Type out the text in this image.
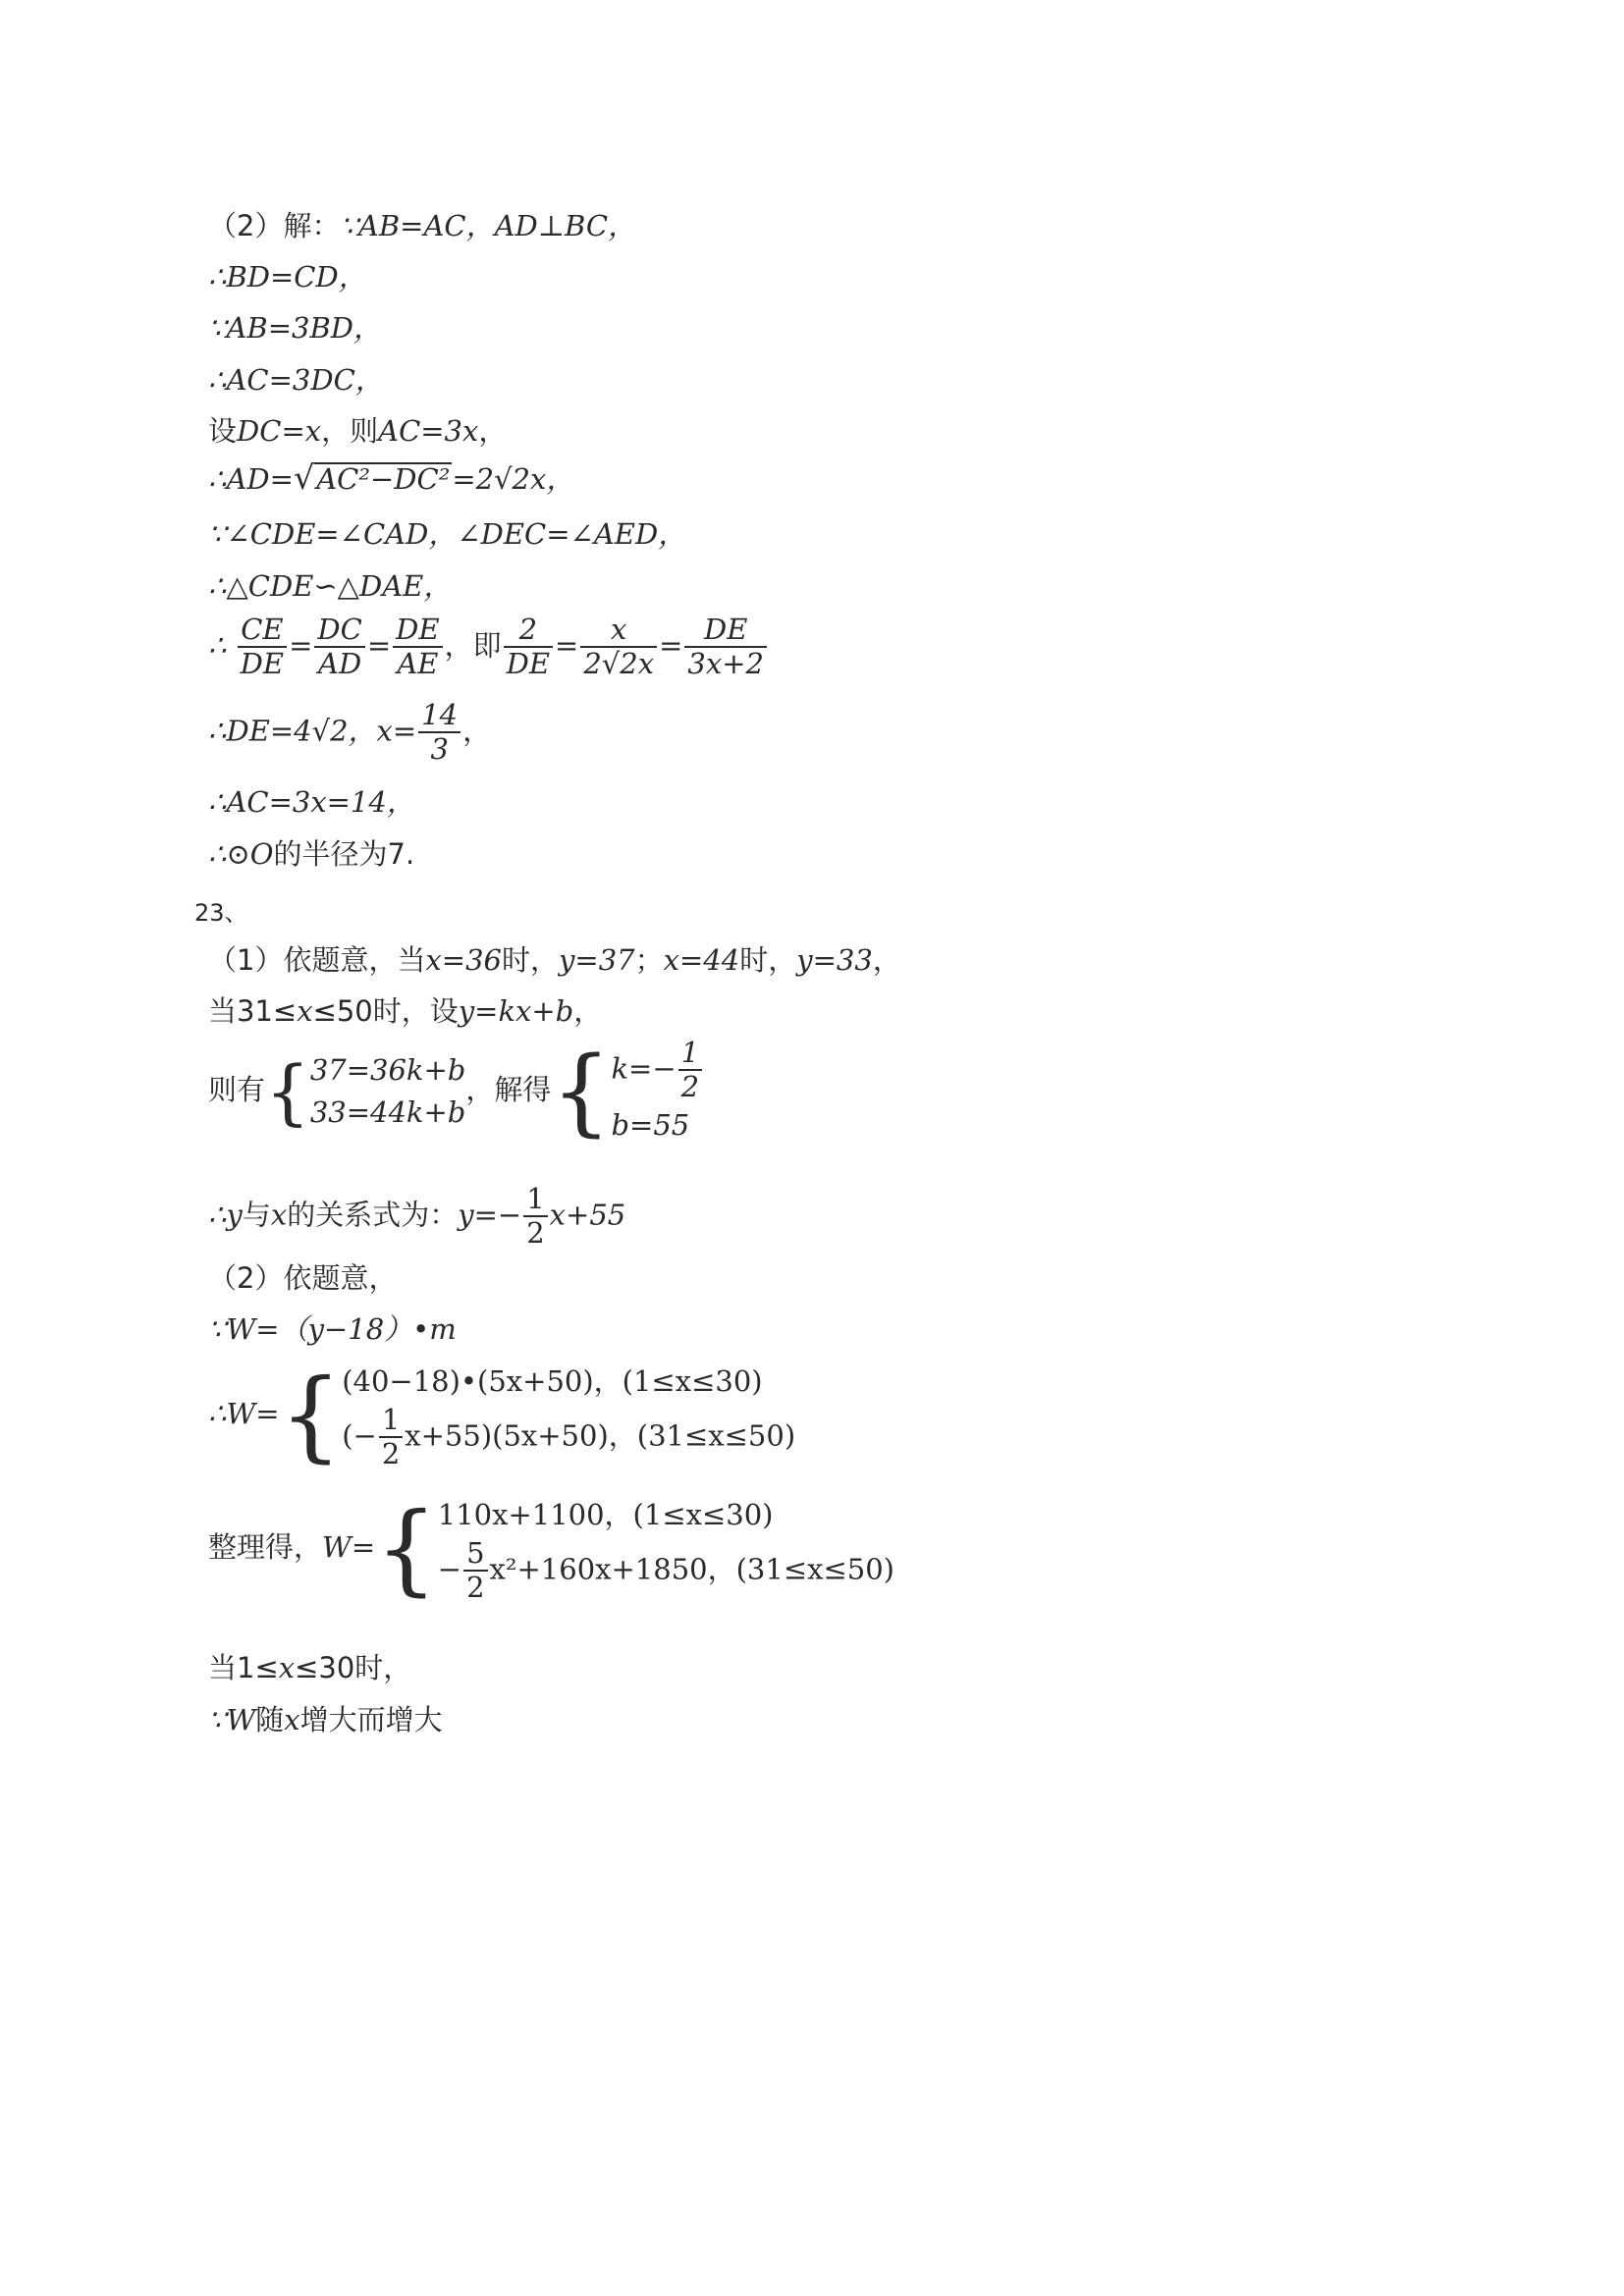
（2）解：∵AB=AC，AD⊥BC，
∴BD=CD，
∵AB=3BD，
∴AC=3DC，
设DC=x，则AC=3x，
∴AD=√AC²−DC²=2√2x，
∵∠CDE=∠CAD，∠DEC=∠AED，
∴△CDE∽△DAE，
∴ $\frac{CE}{DE} = \frac{DC}{AD} = \frac{DE}{AE}$ ，即 $\frac{2}{DE} = \frac{x}{2√2x} = \frac{DE}{3x+2}$
∴DE=4√2，$x= \frac{14}{3}$ ，
∴AC=3x=14，
∴⊙O的半径为7.
23、
（1）依题意，当x=36时，y=37；x=44时，y=33，
当31≤x≤50时，设y=kx+b，
则有{ 37=36k+b
33=44k+b
，解得{ $k=- \frac{1}{2}$
b=55
∴y与x的关系式为：$y=- \frac{1}{2} x+55$
（2）依题意，
∵W=（y−18）•m
∴W={ (40−18)•(5x+50)，(1≤x≤30)
(− $\frac{1}{2} x+55)(5x+50)$，(31≤x≤50)
整理得，W={ 110x+1100，(1≤x≤30)
− $\frac{5}{2} x^2+160x+1850$，(31≤x≤50)
当1≤x≤30时，
∵W随x增大而增大
